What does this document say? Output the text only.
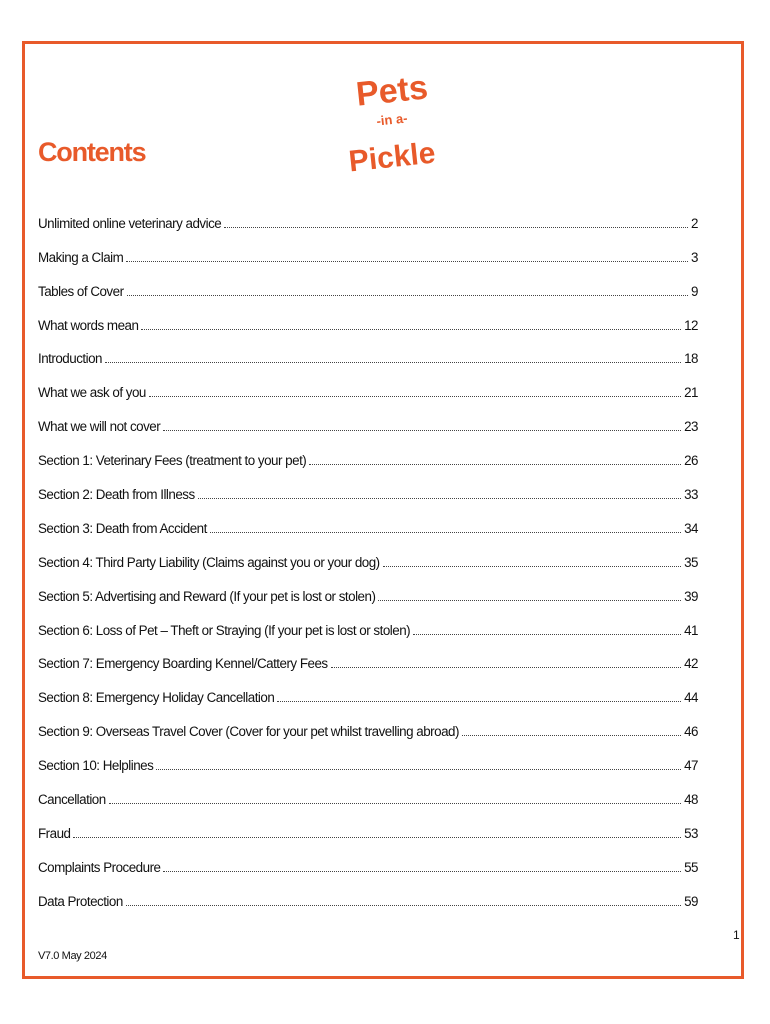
Pets
-in a-
Pickle
Contents
Unlimited online veterinary advice	2
Making a Claim	3
Tables of Cover	9
What words mean	12
Introduction	18
What we ask of you	21
What we will not cover	23
Section 1: Veterinary Fees (treatment to your pet)	26
Section 2: Death from Illness	33
Section 3: Death from Accident	34
Section 4: Third Party Liability (Claims against you or your dog)	35
Section 5: Advertising and Reward (If your pet is lost or stolen)	39
Section 6: Loss of Pet – Theft or Straying (If your pet is lost or stolen)	41
Section 7: Emergency Boarding Kennel/Cattery Fees	42
Section 8: Emergency Holiday Cancellation	44
Section 9: Overseas Travel Cover (Cover for your pet whilst travelling abroad)	46
Section 10: Helplines	47
Cancellation	48
Fraud	53
Complaints Procedure	55
Data Protection	59
1
V7.0 May 2024
